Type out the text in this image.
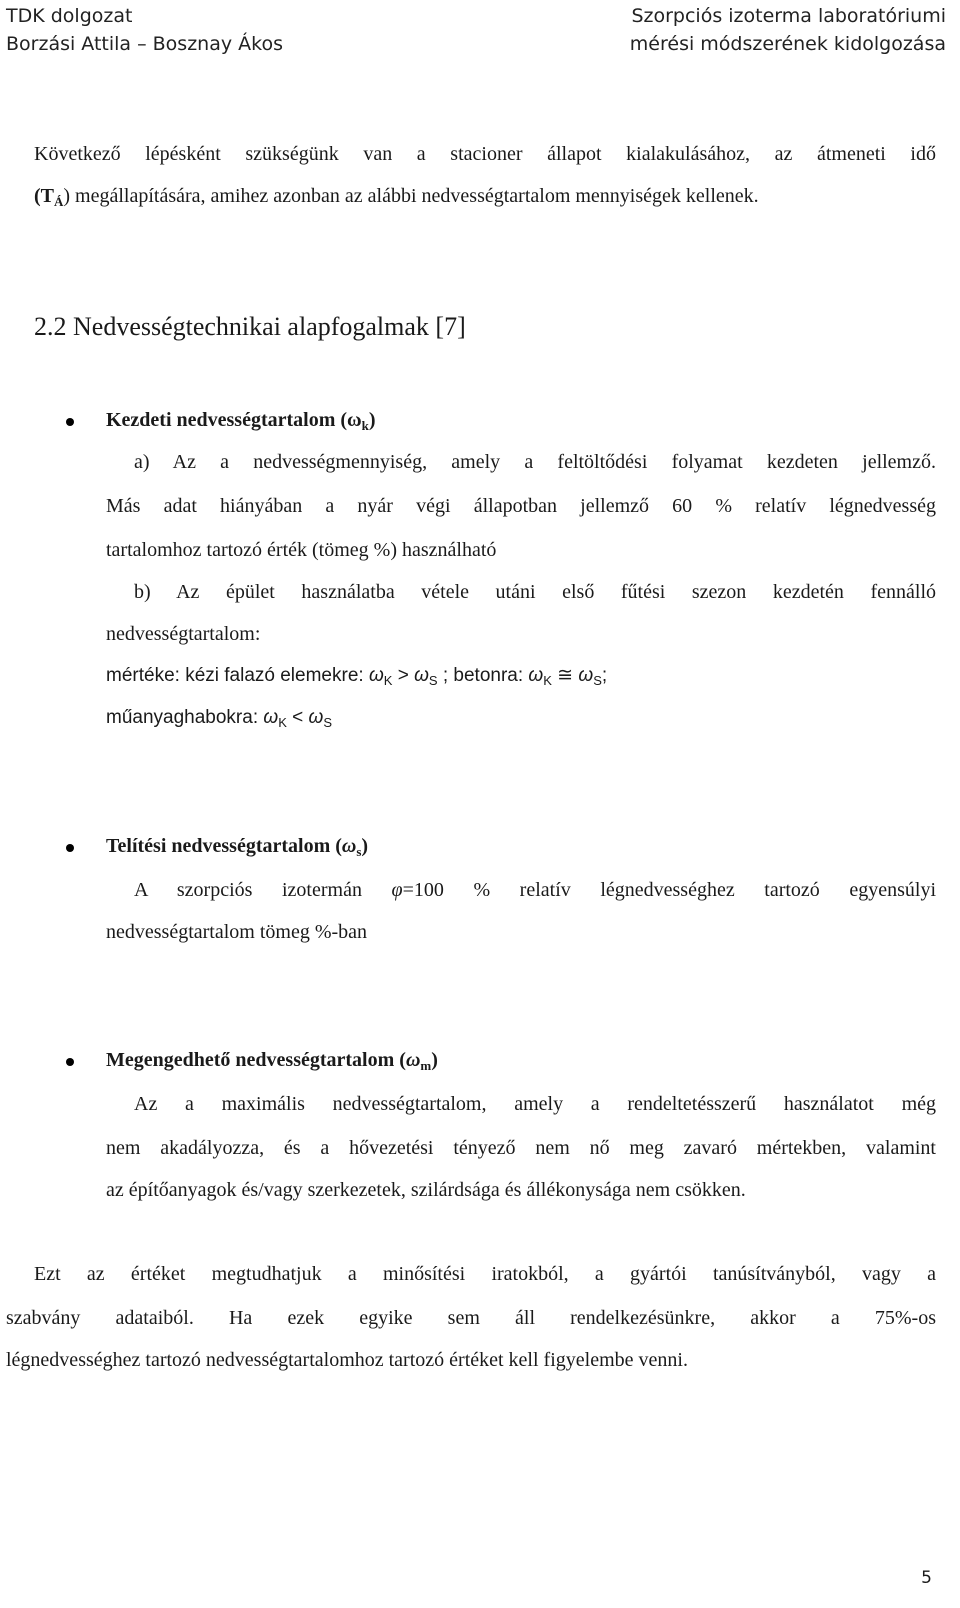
TDK dolgozat
Borzási Attila – Bosznay Ákos
Szorpciós izoterma laboratóriumi
mérési módszerének kidolgozása

Következő lépésként szükségünk van a stacioner állapot kialakulásához, az átmeneti idő

$(T_Á)$ megállapítására, amihez azonban az alábbi nedvességtartalom mennyiségek kellenek.

2.2 Nedvességtechnikai alapfogalmak [7]

Kezdeti nedvességtartalom $(\omega_k)$

a) Az a nedvességmennyiség, amely a feltöltődési folyamat kezdeten jellemző.

Más adat hiányában a nyár végi állapotban jellemző 60 % relatív légnedvesség

tartalomhoz tartozó érték (tömeg %) használható

b) Az épület használatba vétele utáni első fűtési szezon kezdetén fennálló

nedvességtartalom:

mértéke: kézi falazó elemekre: $\omega_K > \omega_S$ ; betonra: $\omega_K$ ≅ $\omega_S$;

műanyaghabokra: $\omega_K < \omega_S$

Telítési nedvességtartalom $(\omega_s)$

A szorpciós izotermán φ=100 % relatív légnedvességhez tartozó egyensúlyi

nedvességtartalom tömeg %-ban

Megengedhető nedvességtartalom $(\omega_m)$

Az a maximális nedvességtartalom, amely a rendeltetésszerű használatot még

nem akadályozza, és a hővezetési tényező nem nő meg zavaró mértekben, valamint

az építőanyagok és/vagy szerkezetek, szilárdsága és állékonysága nem csökken.

Ezt az értéket megtudhatjuk a minősítési iratokból, a gyártói tanúsítványból, vagy a

szabvány adataiból. Ha ezek egyike sem áll rendelkezésünkre, akkor a 75%-os

légnedvességhez tartozó nedvességtartalomhoz tartozó értéket kell figyelembe venni.

5
